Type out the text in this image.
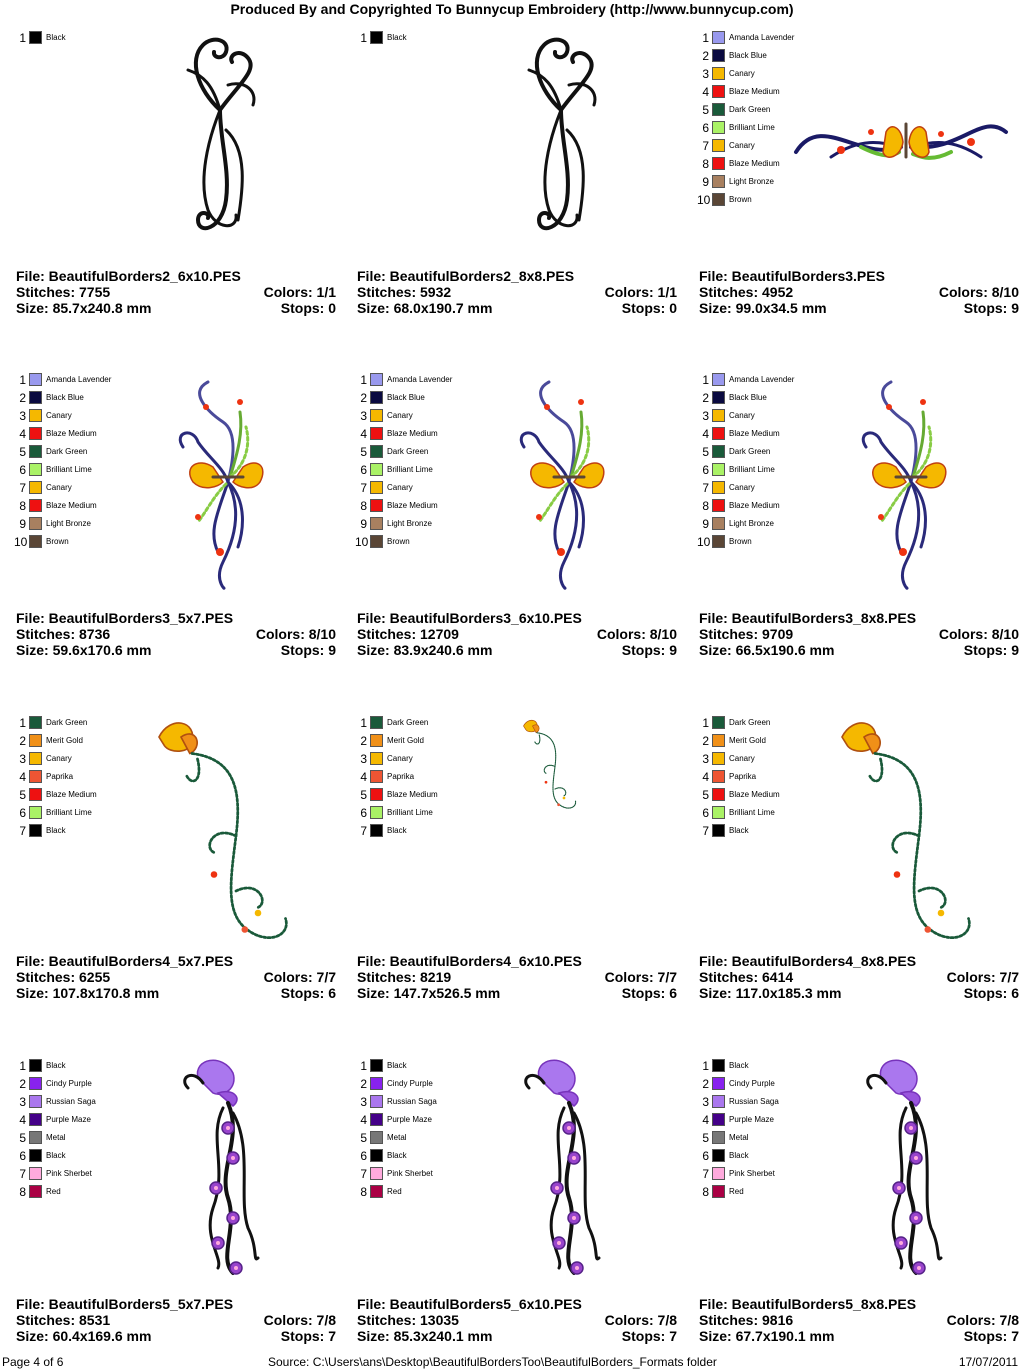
Produced By and Copyrighted To Bunnycup Embroidery (http://www.bunnycup.com)
1	Black
File: BeautifulBorders2_6x10.PES
Stitches: 7755	Colors: 1/1
Size: 85.7x240.8 mm	Stops: 0
1	Black
File: BeautifulBorders2_8x8.PES
Stitches: 5932	Colors: 1/1
Size: 68.0x190.7 mm	Stops: 0
1	Amanda Lavender
2	Black Blue
3	Canary
4	Blaze Medium
5	Dark Green
6	Brilliant Lime
7	Canary
8	Blaze Medium
9	Light Bronze
10 Brown
File: BeautifulBorders3.PES
Stitches: 4952	Colors: 8/10
Size: 99.0x34.5 mm	Stops: 9
1	Amanda Lavender
2	Black Blue
3	Canary
4	Blaze Medium
5	Dark Green
6	Brilliant Lime
7	Canary
8	Blaze Medium
9	Light Bronze
10 Brown
File: BeautifulBorders3_5x7.PES
Stitches: 8736	Colors: 8/10
Size: 59.6x170.6 mm	Stops: 9
1	Amanda Lavender
2	Black Blue
3	Canary
4	Blaze Medium
5	Dark Green
6	Brilliant Lime
7	Canary
8	Blaze Medium
9	Light Bronze
10 Brown
File: BeautifulBorders3_6x10.PES
Stitches: 12709	Colors: 8/10
Size: 83.9x240.6 mm	Stops: 9
1	Amanda Lavender
2	Black Blue
3	Canary
4	Blaze Medium
5	Dark Green
6	Brilliant Lime
7	Canary
8	Blaze Medium
9	Light Bronze
10 Brown
File: BeautifulBorders3_8x8.PES
Stitches: 9709	Colors: 8/10
Size: 66.5x190.6 mm	Stops: 9
1	Dark Green
2	Merit Gold
3	Canary
4	Paprika
5	Blaze Medium
6	Brilliant Lime
7	Black
File: BeautifulBorders4_5x7.PES
Stitches: 6255	Colors: 7/7
Size: 107.8x170.8 mm	Stops: 6
1	Dark Green
2	Merit Gold
3	Canary
4	Paprika
5	Blaze Medium
6	Brilliant Lime
7	Black
File: BeautifulBorders4_6x10.PES
Stitches: 8219	Colors: 7/7
Size: 147.7x526.5 mm	Stops: 6
1	Dark Green
2	Merit Gold
3	Canary
4	Paprika
5	Blaze Medium
6	Brilliant Lime
7	Black
File: BeautifulBorders4_8x8.PES
Stitches: 6414	Colors: 7/7
Size: 117.0x185.3 mm	Stops: 6
1	Black
2	Cindy Purple
3	Russian Saga
4	Purple Maze
5	Metal
6	Black
7	Pink Sherbet
8	Red
File: BeautifulBorders5_5x7.PES
Stitches: 8531	Colors: 7/8
Size: 60.4x169.6 mm	Stops: 7
1	Black
2	Cindy Purple
3	Russian Saga
4	Purple Maze
5	Metal
6	Black
7	Pink Sherbet
8	Red
File: BeautifulBorders5_6x10.PES
Stitches: 13035	Colors: 7/8
Size: 85.3x240.1 mm	Stops: 7
1	Black
2	Cindy Purple
3	Russian Saga
4	Purple Maze
5	Metal
6	Black
7	Pink Sherbet
8	Red
File: BeautifulBorders5_8x8.PES
Stitches: 9816	Colors: 7/8
Size: 67.7x190.1 mm	Stops: 7
Page 4 of 6	Source: C:\Users\ans\Desktop\BeautifulBordersToo\BeautifulBorders_Formats folder	17/07/2011
